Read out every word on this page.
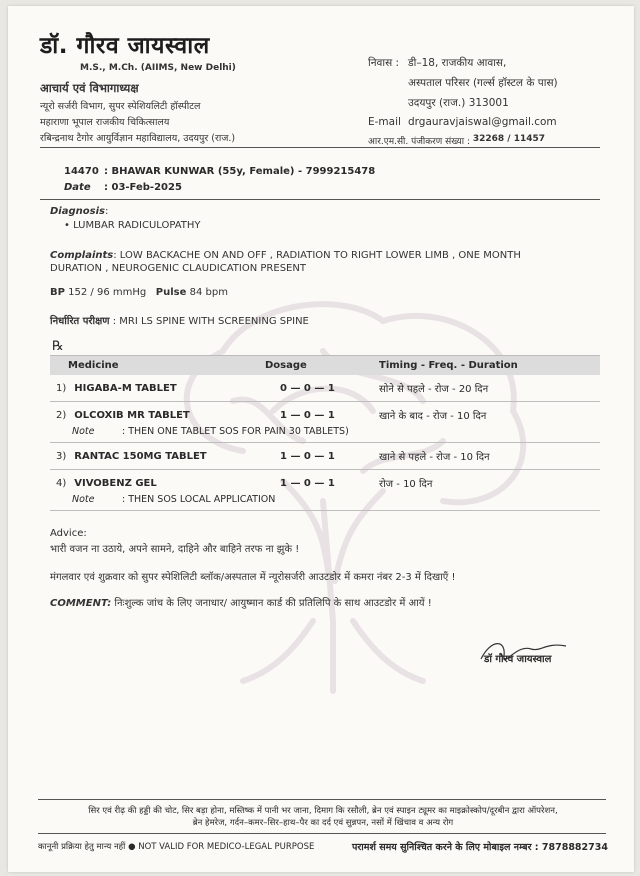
डॉ. गौरव जायस्वाल
M.S., M.Ch. (AIIMS, New Delhi)
आचार्य एवं विभागाध्यक्ष
न्यूरो सर्जरी विभाग, सुपर स्पेशियलिटी हॉस्पीटल
महाराणा भूपाल राजकीय चिकित्सालय
रबिन्द्रनाथ टैगोर आयुर्विज्ञान महाविद्यालय, उदयपुर (राज.)
निवास : डी–18, राजकीय आवास,
अस्पताल परिसर (गर्ल्स हॉस्टल के पास)
उदयपुर (राज.) 313001
E-mail drgauravjaiswal@gmail.com
आर.एम.सी. पंजीकरण संख्या :
32268 / 11457
14470 : BHAWAR KUNWAR (55y, Female) - 7999215478
Date	: 03-Feb-2025
Diagnosis:
• LUMBAR RADICULOPATHY
Complaints: LOW BACKACHE ON AND OFF , RADIATION TO RIGHT LOWER LIMB , ONE MONTH
DURATION , NEUROGENIC CLAUDICATION PRESENT
BP 152 / 96 mmHg Pulse 84 bpm
निर्धारित परीक्षण : MRI LS SPINE WITH SCREENING SPINE
℞
Medicine	Dosage	Timing - Freq. - Duration
1) HIGABA-M TABLET	0 — 0 — 1	सोने से पहले - रोज - 20 दिन
2) OLCOXIB MR TABLET	1 — 0 — 1	खाने के बाद - रोज - 10 दिन
Note	: THEN ONE TABLET SOS FOR PAIN 30 TABLETS)
3) RANTAC 150MG TABLET	1 — 0 — 1	खाने से पहले - रोज - 10 दिन
4) VIVOBENZ GEL	1 — 0 — 1	रोज - 10 दिन
Note	: THEN SOS LOCAL APPLICATION
Advice:
भारी वजन ना उठाये, अपने सामने, दाहिने और बाहिने तरफ ना झुके !
मंगलवार एवं शुक्रवार को सुपर स्पेशिलिटी ब्लॉक/अस्पताल में न्यूरोसर्जरी आउटडोर में कमरा नंबर 2-3 में दिखाएँ !
COMMENT: निःशुल्क जांच के लिए जनाधार/ आयुष्मान कार्ड की प्रतिलिपि के साथ आउटडोर में आयें !
डॉ गौरव जायस्वाल
सिर एवं रीढ़ की हड्डी की चोट, सिर बड़ा होना, मस्तिष्क में पानी भर जाना, दिमाग कि रसौली, ब्रेन एवं स्पाइन ट्यूमर का माइक्रोस्कोप/दूरबीन द्वारा ऑपरेशन,
ब्रेन हेमरेज, गर्दन–कमर–सिर–हाथ–पैर का दर्द एवं सुन्नपन, नसों में खिंचाव व अन्य रोग
कानूनी प्रक्रिया हेतु मान्य नहीं ● NOT VALID FOR MEDICO-LEGAL PURPOSE	परामर्श समय सुनिश्चित करने के लिए मोबाइल नम्बर : 7878882734
